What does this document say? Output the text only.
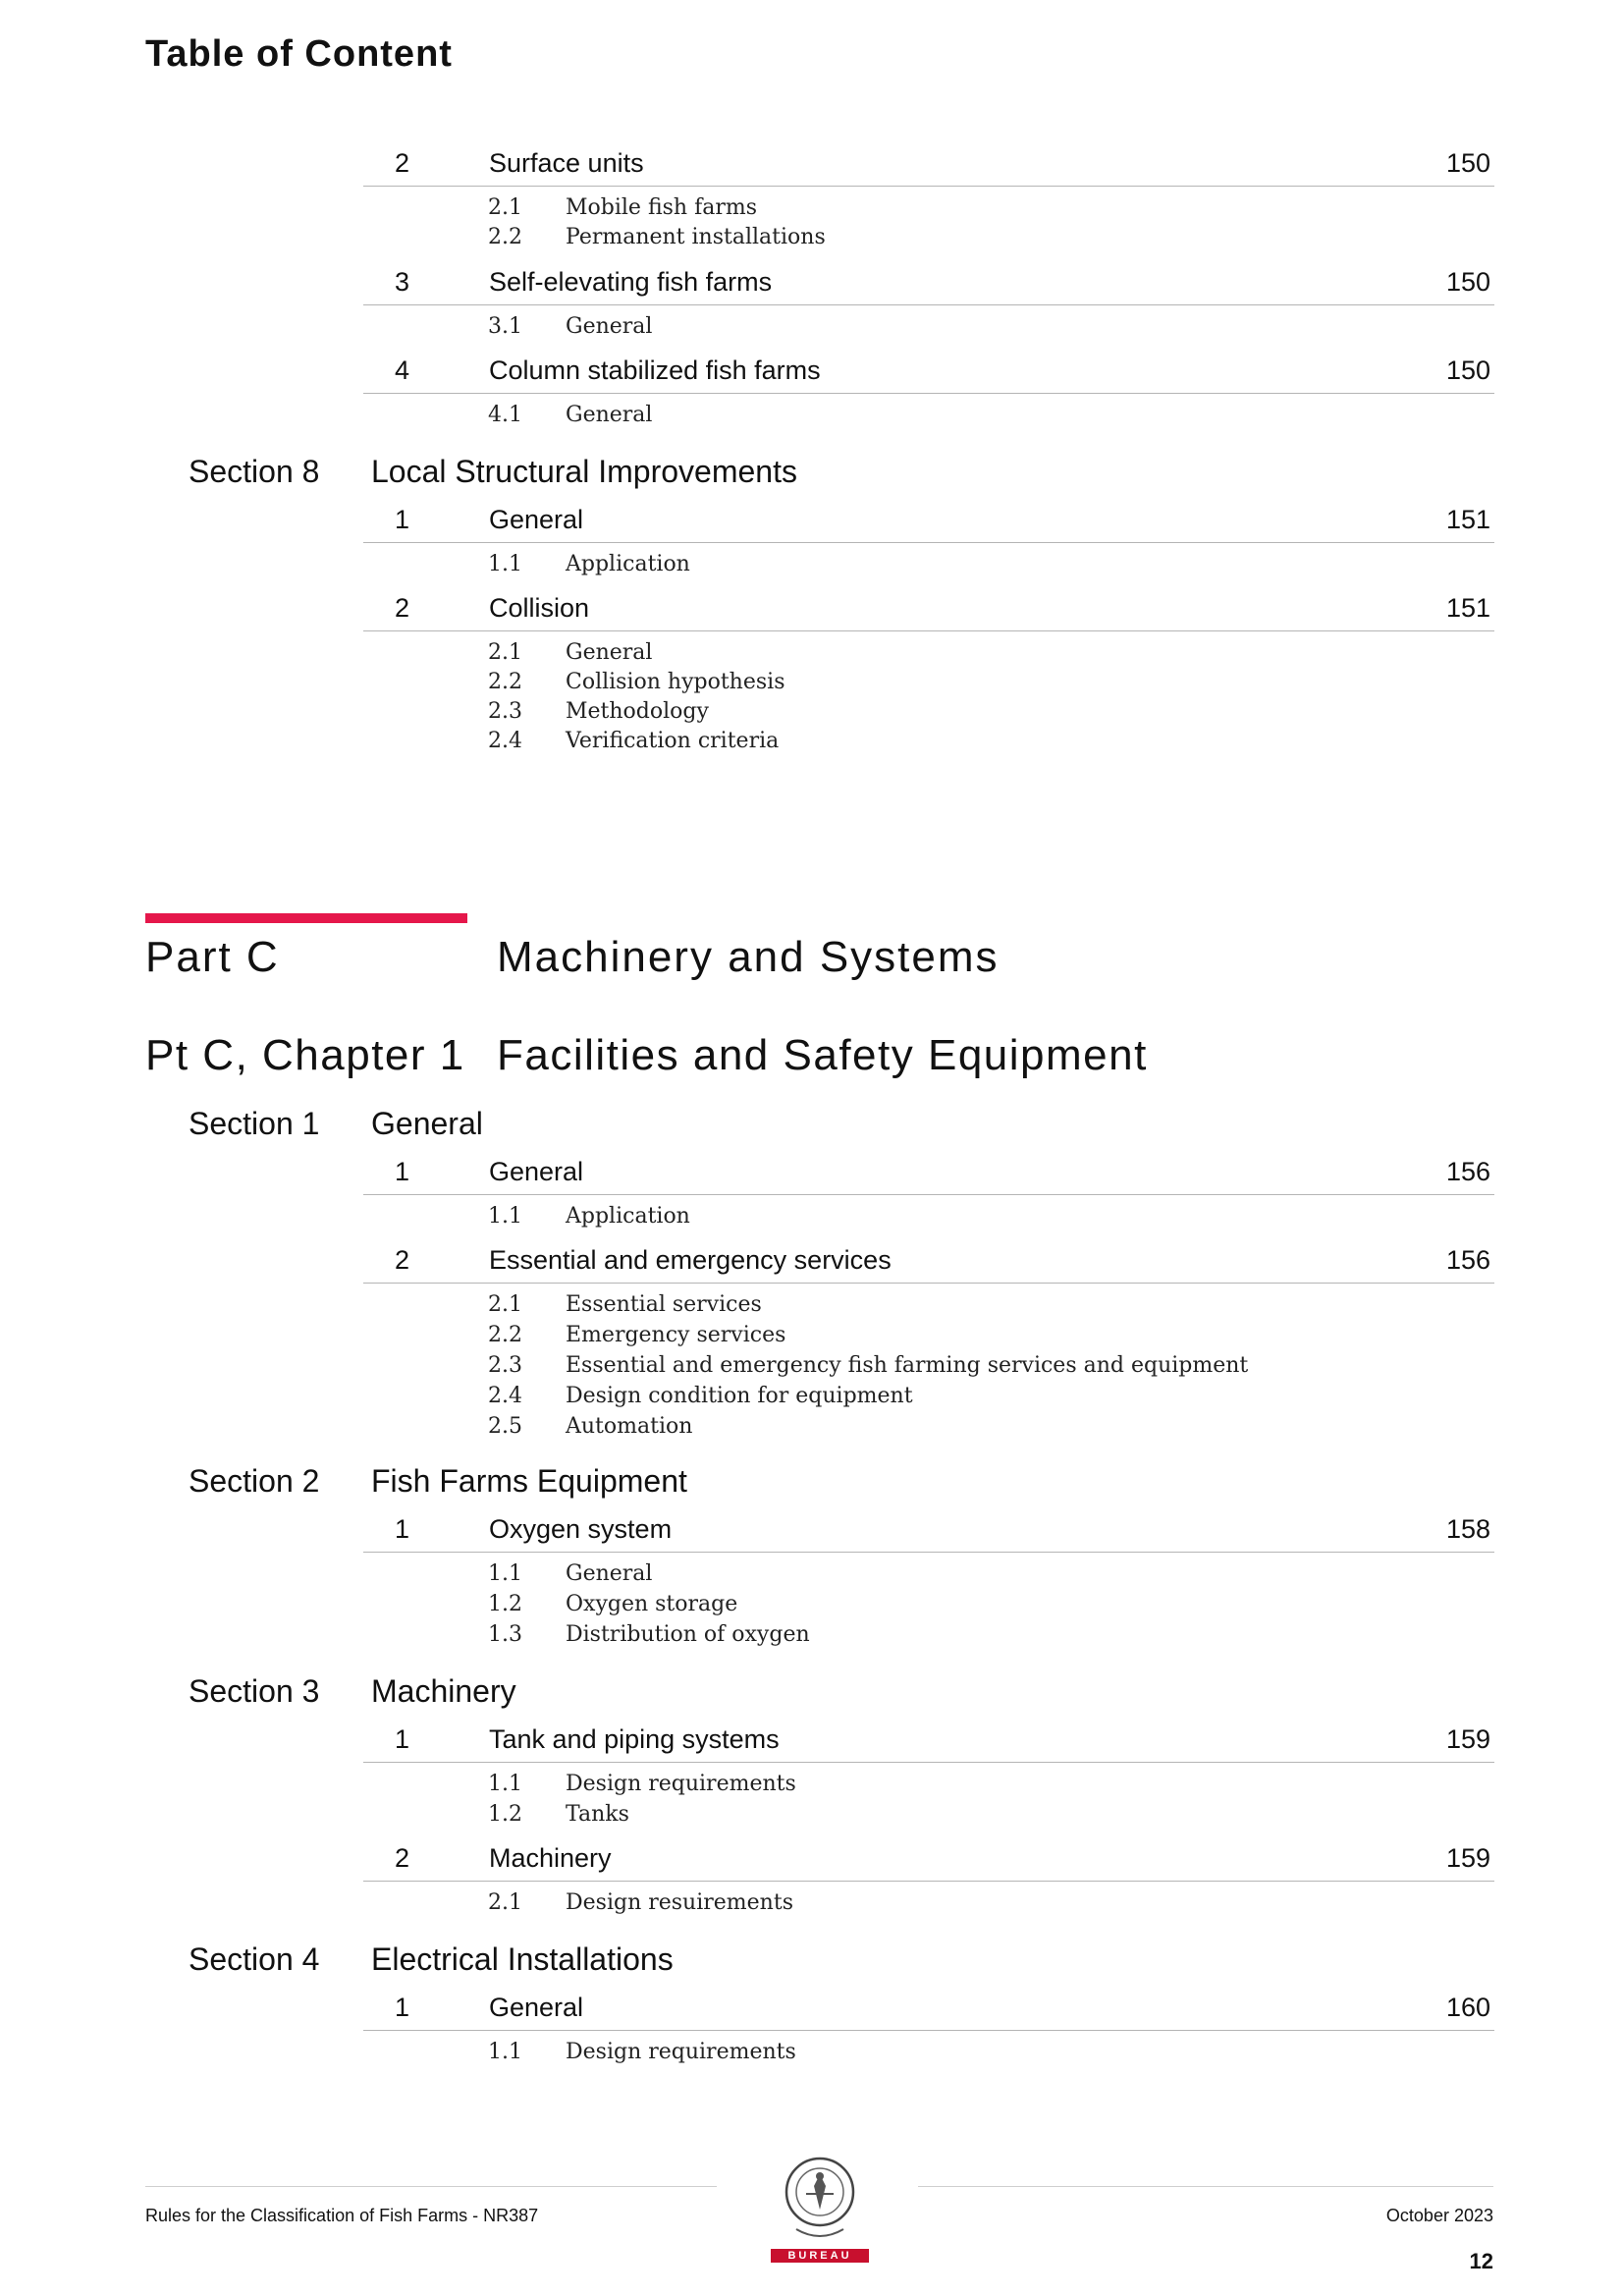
Table of Content
2	Surface units	150
2.1 Mobile fish farms
2.2 Permanent installations
3	Self-elevating fish farms	150
3.1 General
4	Column stabilized fish farms	150
4.1 General
Section 8 Local Structural Improvements
1	General	151
1.1 Application
2	Collision	151
2.1 General
2.2 Collision hypothesis
2.3 Methodology
2.4 Verification criteria
Part C	Machinery and Systems
Pt C, Chapter 1 Facilities and Safety Equipment
Section 1 General
1	General	156
1.1 Application
2	Essential and emergency services	156
2.1 Essential services
2.2 Emergency services
2.3 Essential and emergency fish farming services and equipment
2.4 Design condition for equipment
2.5 Automation
Section 2 Fish Farms Equipment
1	Oxygen system	158
1.1 General
1.2 Oxygen storage
1.3 Distribution of oxygen
Section 3 Machinery
1	Tank and piping systems	159
1.1 Design requirements
1.2 Tanks
2	Machinery	159
2.1 Design resuirements
Section 4 Electrical Installations
1	General	160
1.1 Design requirements
BUREAU VERITAS
Rules for the Classification of Fish Farms - NR387	October 2023
12
